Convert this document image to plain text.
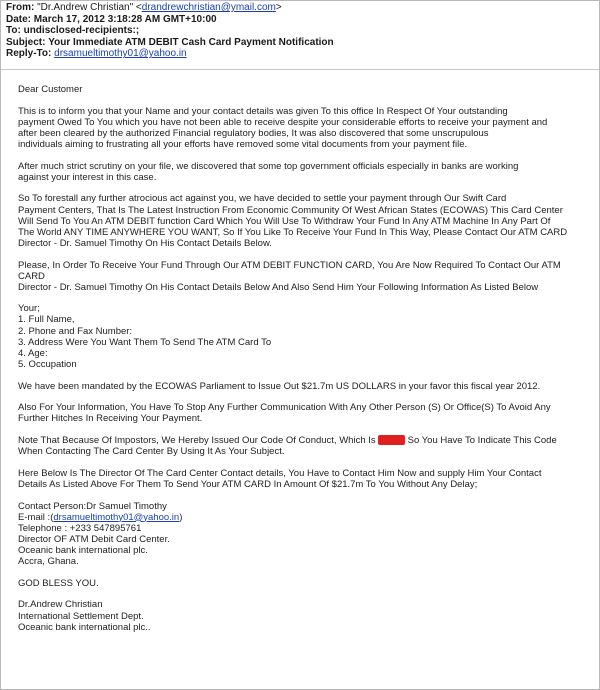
From: "Dr.Andrew Christian" <drandrewchristian@ymail.com>
Date: March 17, 2012 3:18:28 AM GMT+10:00
To: undisclosed-recipients:;
Subject: Your Immediate ATM DEBIT Cash Card Payment Notification
Reply-To: drsamueltimothy01@yahoo.in

Dear Customer

This is to inform you that your Name and your contact details was given To this office In Respect Of Your outstanding
payment Owed To You which you have not been able to receive despite your considerable efforts to receive your payment and
after been cleared by the authorized Financial regulatory bodies, It was also discovered that some unscrupulous
individuals aiming to frustrating all your efforts have removed some vital documents from your payment file.

After much strict scrutiny on your file, we discovered that some top government officials especially in banks are working
against your interest in this case.

So To forestall any further atrocious act against you, we have decided to settle your payment through Our Swift Card
Payment Centers, That Is The Latest Instruction From Economic Community Of West African States (ECOWAS) This Card Center
Will Send To You An ATM DEBIT function Card Which You Will Use To Withdraw Your Fund In Any ATM Machine In Any Part Of
The World ANY TIME ANYWHERE YOU WANT, So If You Like To Receive Your Fund In This Way, Please Contact Our ATM CARD
Director - Dr. Samuel Timothy On His Contact Details Below.

Please, In Order To Receive Your Fund Through Our ATM DEBIT FUNCTION CARD, You Are Now Required To Contact Our ATM
CARD
Director - Dr. Samuel Timothy On His Contact Details Below And Also Send Him Your Following Information As Listed Below

Your;
1. Full Name,
2. Phone and Fax Number:
3. Address Were You Want Them To Send The ATM Card To
4. Age:
5. Occupation

We have been mandated by the ECOWAS Parliament to Issue Out $21.7m US DOLLARS in your favor this fiscal year 2012.

Also For Your Information, You Have To Stop Any Further Communication With Any Other Person (S) Or Office(S) To Avoid Any
Further Hitches In Receiving Your Payment.

Note That Because Of Impostors, We Hereby Issued Our Code Of Conduct, Which Is XXXX So You Have To Indicate This Code
When Contacting The Card Center By Using It As Your Subject.

Here Below Is The Director Of The Card Center Contact details, You Have to Contact Him Now and supply Him Your Contact
Details As Listed Above For Them To Send Your ATM CARD In Amount Of $21.7m To You Without Any Delay;

Contact Person:Dr Samuel Timothy
E-mail :(drsamueltimothy01@yahoo.in)
Telephone : +233 547895761
Director OF ATM Debit Card Center.
Oceanic bank international plc.
Accra, Ghana.

GOD BLESS YOU.

Dr.Andrew Christian
International Settlement Dept.
Oceanic bank international plc..
